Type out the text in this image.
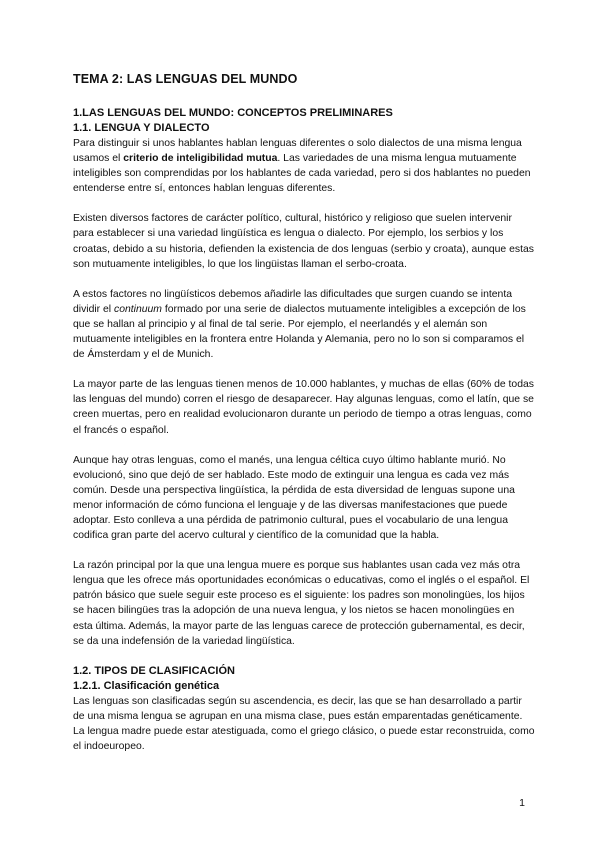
TEMA 2: LAS LENGUAS DEL MUNDO
1.LAS LENGUAS DEL MUNDO: CONCEPTOS PRELIMINARES
1.1. LENGUA Y DIALECTO

Para distinguir si unos hablantes hablan lenguas diferentes o solo dialectos de una misma lengua usamos el criterio de inteligibilidad mutua. Las variedades de una misma lengua mutuamente inteligibles son comprendidas por los hablantes de cada variedad, pero si dos hablantes no pueden entenderse entre sí, entonces hablan lenguas diferentes.

Existen diversos factores de carácter político, cultural, histórico y religioso que suelen intervenir para establecer si una variedad lingüística es lengua o dialecto. Por ejemplo, los serbios y los croatas, debido a su historia, defienden la existencia de dos lenguas (serbio y croata), aunque estas son mutuamente inteligibles, lo que los lingüistas llaman el serbo-croata.

A estos factores no lingüísticos debemos añadirle las dificultades que surgen cuando se intenta dividir el continuum formado por una serie de dialectos mutuamente inteligibles a excepción de los que se hallan al principio y al final de tal serie. Por ejemplo, el neerlandés y el alemán son mutuamente inteligibles en la frontera entre Holanda y Alemania, pero no lo son si comparamos el de Ámsterdam y el de Munich.

La mayor parte de las lenguas tienen menos de 10.000 hablantes, y muchas de ellas (60% de todas las lenguas del mundo) corren el riesgo de desaparecer. Hay algunas lenguas, como el latín, que se creen muertas, pero en realidad evolucionaron durante un periodo de tiempo a otras lenguas, como el francés o español.

Aunque hay otras lenguas, como el manés, una lengua céltica cuyo último hablante murió. No evolucionó, sino que dejó de ser hablado. Este modo de extinguir una lengua es cada vez más común. Desde una perspectiva lingüística, la pérdida de esta diversidad de lenguas supone una menor información de cómo funciona el lenguaje y de las diversas manifestaciones que puede adoptar. Esto conlleva a una pérdida de patrimonio cultural, pues el vocabulario de una lengua codifica gran parte del acervo cultural y científico de la comunidad que la habla.

La razón principal por la que una lengua muere es porque sus hablantes usan cada vez más otra lengua que les ofrece más oportunidades económicas o educativas, como el inglés o el español. El patrón básico que suele seguir este proceso es el siguiente: los padres son monolingües, los hijos se hacen bilingües tras la adopción de una nueva lengua, y los nietos se hacen monolingües en esta última. Además, la mayor parte de las lenguas carece de protección gubernamental, es decir, se da una indefensión de la variedad lingüística.

1.2. TIPOS DE CLASIFICACIÓN
1.2.1. Clasificación genética

Las lenguas son clasificadas según su ascendencia, es decir, las que se han desarrollado a partir de una misma lengua se agrupan en una misma clase, pues están emparentadas genéticamente. La lengua madre puede estar atestiguada, como el griego clásico, o puede estar reconstruida, como el indoeuropeo.

1
